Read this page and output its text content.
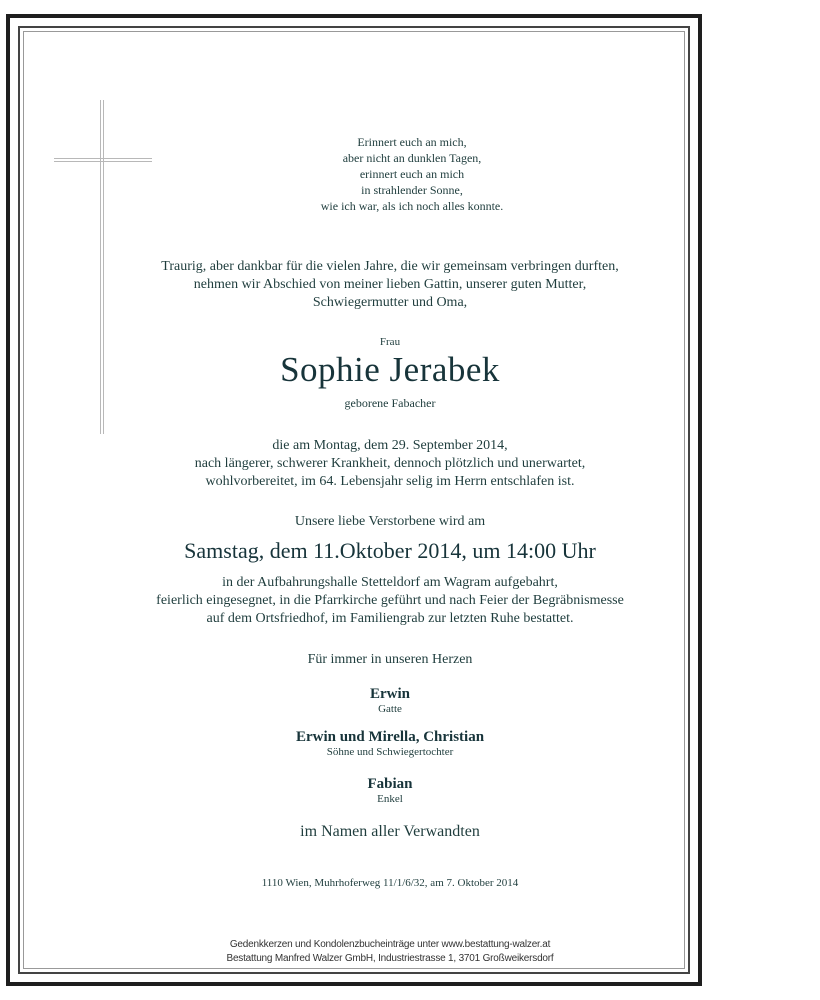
Erinnert euch an mich,
aber nicht an dunklen Tagen,
erinnert euch an mich
in strahlender Sonne,
wie ich war, als ich noch alles konnte.
Traurig, aber dankbar für die vielen Jahre, die wir gemeinsam verbringen durften,
nehmen wir Abschied von meiner lieben Gattin, unserer guten Mutter,
Schwiegermutter und Oma,
Frau
Sophie Jerabek
geborene Fabacher
die am Montag, dem 29. September 2014,
nach längerer, schwerer Krankheit, dennoch plötzlich und unerwartet,
wohlvorbereitet, im 64. Lebensjahr selig im Herrn entschlafen ist.
Unsere liebe Verstorbene wird am
Samstag, dem 11.Oktober 2014, um 14:00 Uhr
in der Aufbahrungshalle Stetteldorf am Wagram aufgebahrt,
feierlich eingesegnet, in die Pfarrkirche geführt und nach Feier der Begräbnismesse
auf dem Ortsfriedhof, im Familiengrab zur letzten Ruhe bestattet.
Für immer in unseren Herzen
Erwin
Gatte
Erwin und Mirella, Christian
Söhne und Schwiegertochter
Fabian
Enkel
im Namen aller Verwandten
1110 Wien, Muhrhoferweg 11/1/6/32, am 7. Oktober 2014
Gedenkkerzen und Kondolenzbucheinträge unter www.bestattung-walzer.at
Bestattung Manfred Walzer GmbH, Industriestrasse 1, 3701 Großweikersdorf
